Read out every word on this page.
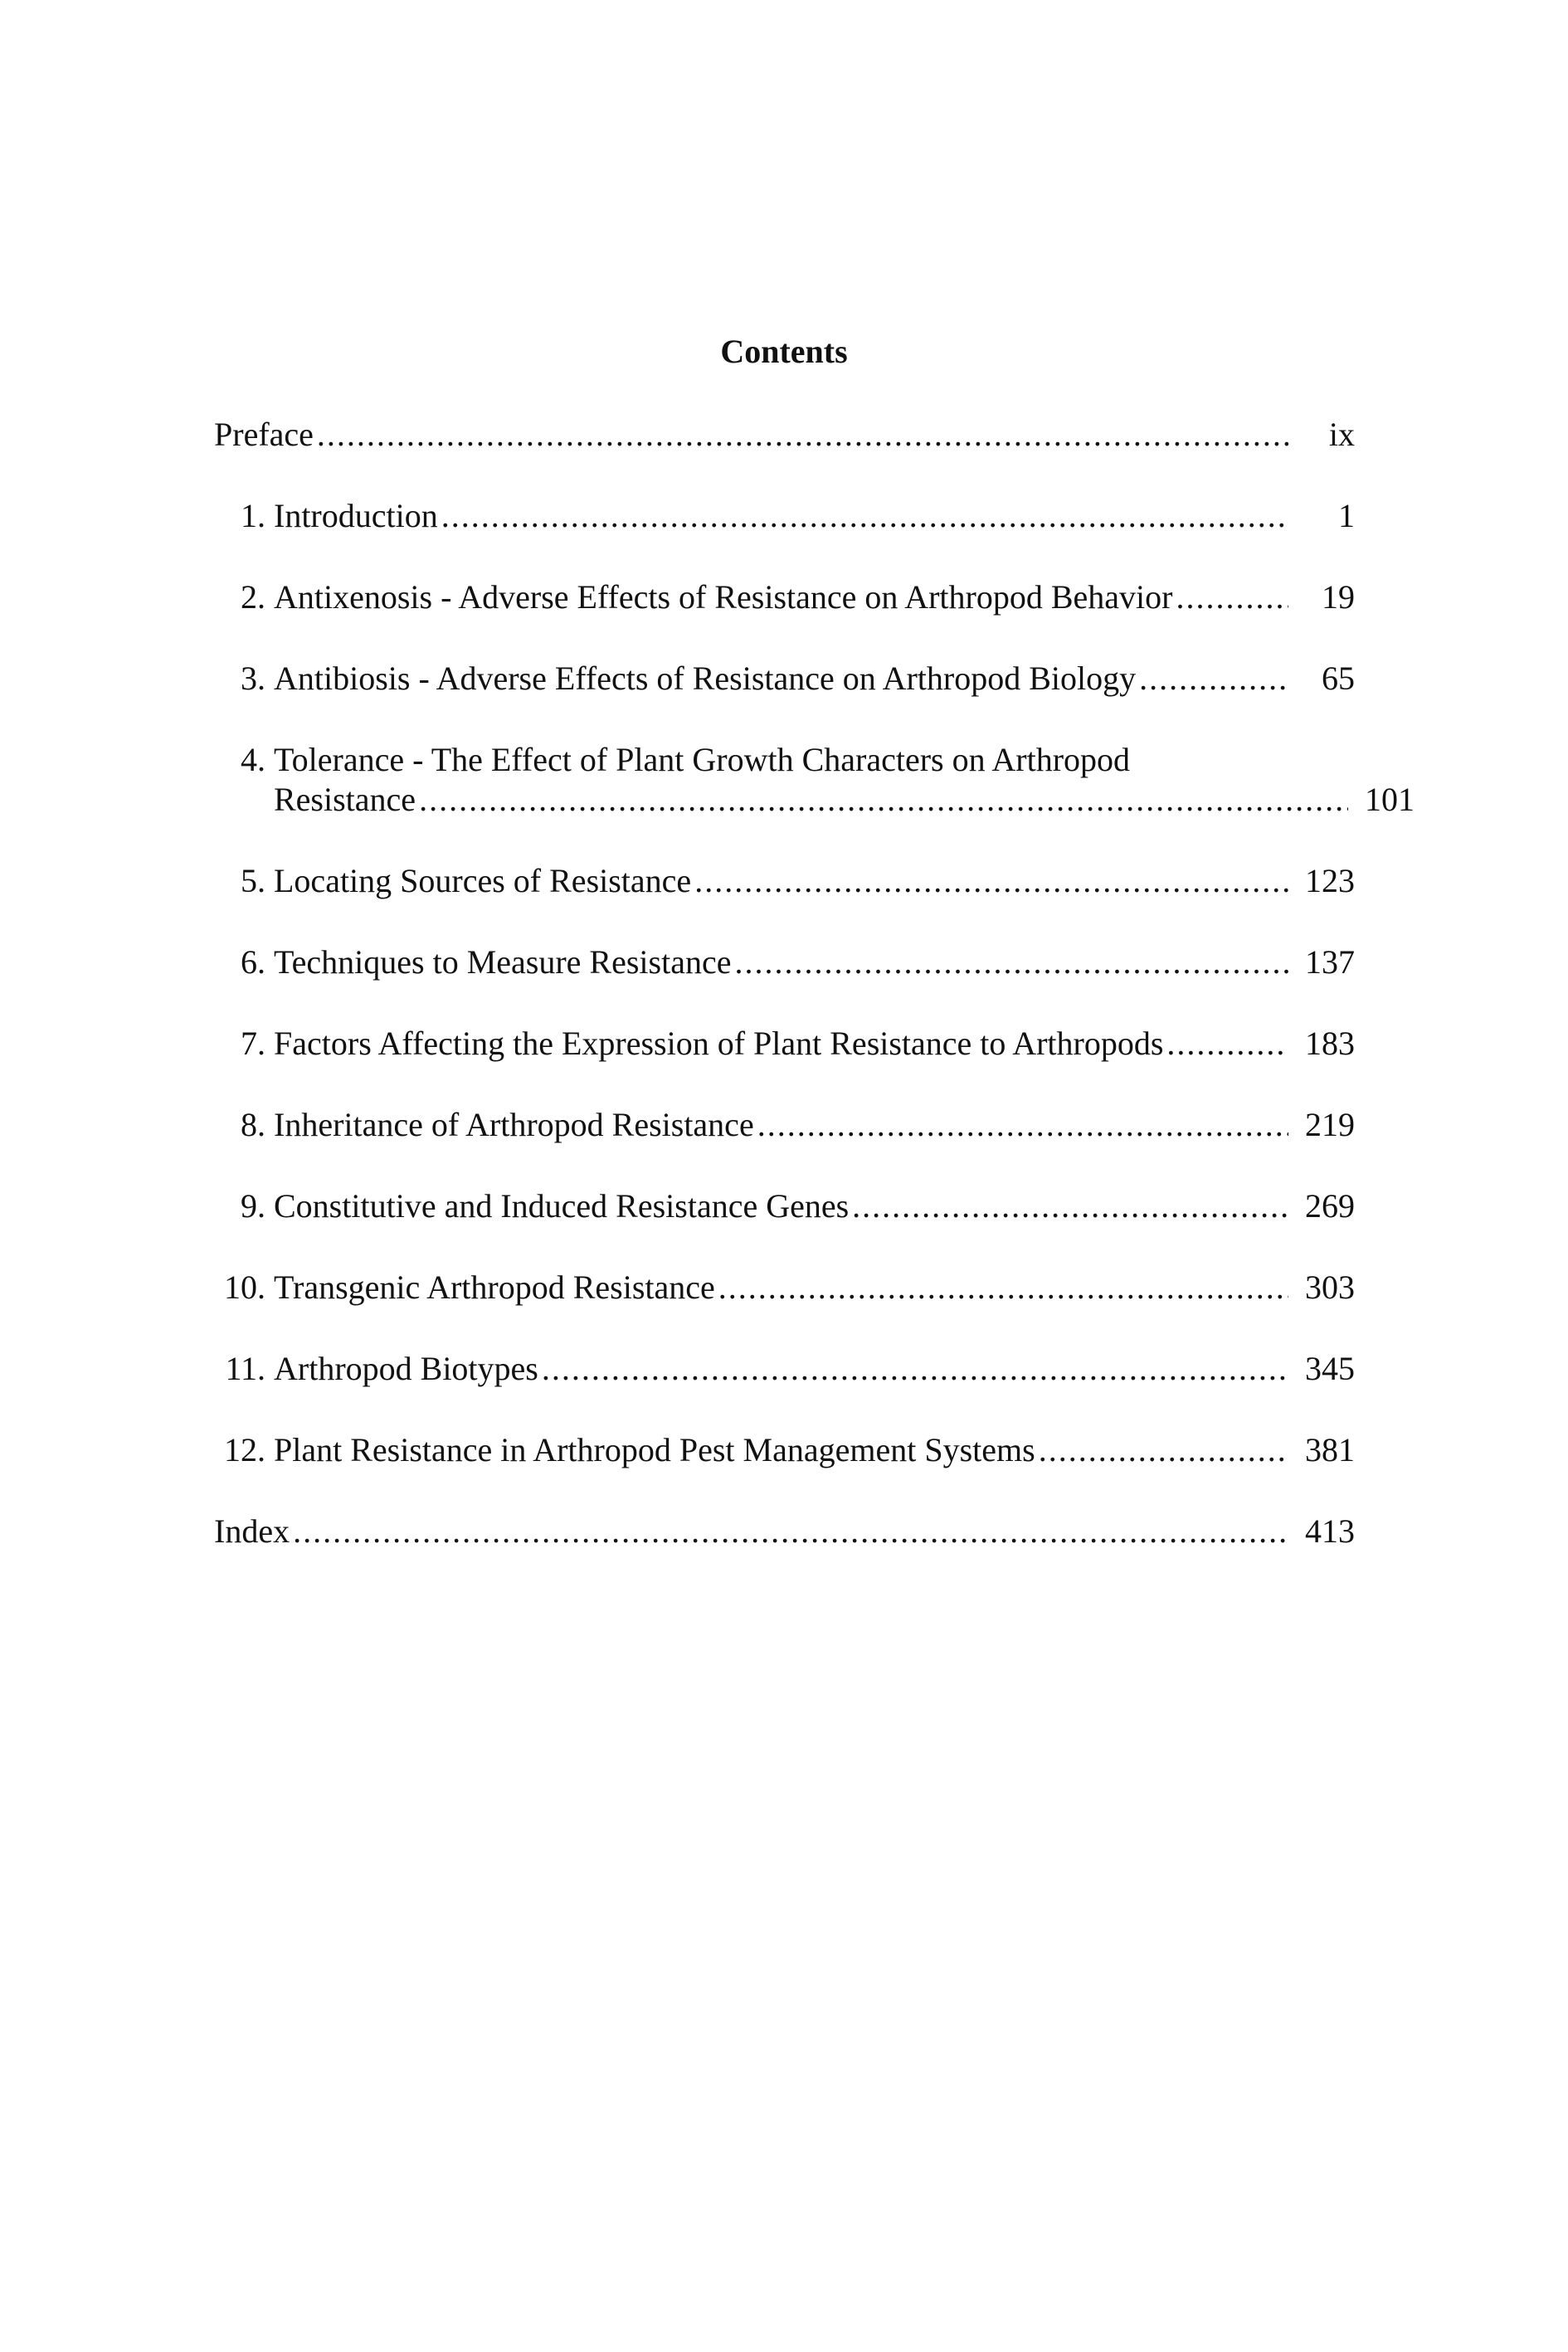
Contents
Preface .....	ix
1. Introduction .....	1
2. Antixenosis - Adverse Effects of Resistance on Arthropod Behavior .....	19
3. Antibiosis - Adverse Effects of Resistance on Arthropod Biology .....	65
4. Tolerance - The Effect of Plant Growth Characters on Arthropod
Resistance .....	101
5. Locating Sources of Resistance .....	123
6. Techniques to Measure Resistance .....	137
7. Factors Affecting the Expression of Plant Resistance to Arthropods .....	183
8. Inheritance of Arthropod Resistance .....	219
9. Constitutive and Induced Resistance Genes .....	269
10. Transgenic Arthropod Resistance .....	303
11. Arthropod Biotypes .....	345
12. Plant Resistance in Arthropod Pest Management Systems .....	381
Index .....	413
